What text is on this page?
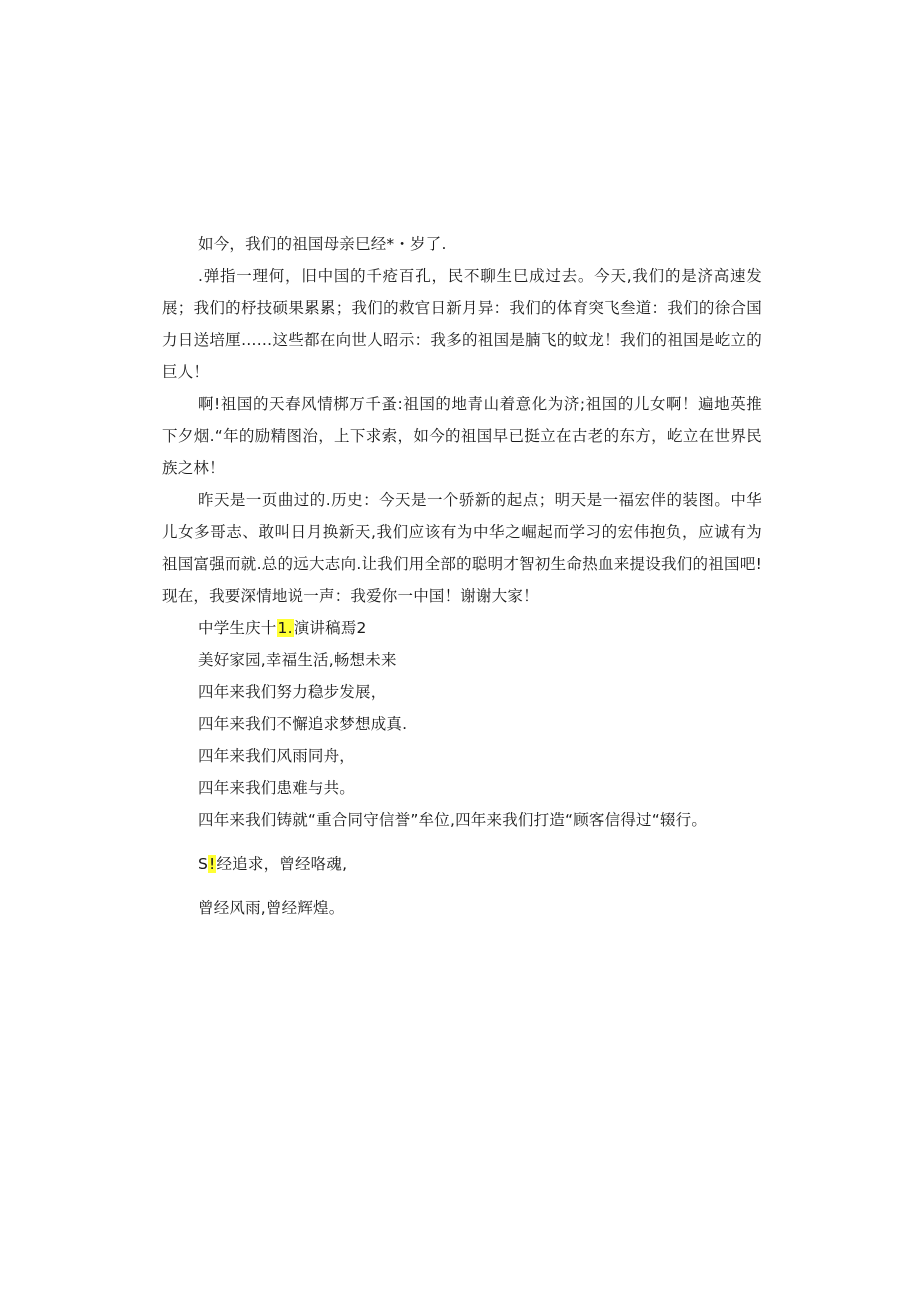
如今，我们的祖国母亲巳经*・岁了.

.弹指一理何，旧中国的千疮百孔，民不聊生巳成过去。今天,我们的是济高速发展；我们的杼技硕果累累；我们的救官日新月异：我们的体育突飞叁道：我们的徐合国力日送培厘……这些都在向世人昭示：我多的祖国是腩飞的蚊龙！我们的祖国是屹立的巨人！

啊!祖国的天春风情梆万千蚤:祖国的地青山着意化为济;祖国的儿女啊！遍地英推下夕烟.“年的励精图治，上下求索，如今的祖国早已挺立在古老的东方，屹立在世界民族之林！

昨天是一页曲过的.历史：今天是一个骄新的起点；明天是一福宏伴的装图。中华儿女多哥志、敢叫日月换新天,我们应该有为中华之崛起而学习的宏伟抱负，应诚有为祖国富强而就.总的远大志向.让我们用全部的聪明才智初生命热血来提设我们的祖国吧!现在，我要深情地说一声：我爱你一中国！谢谢大家！

中学生庆十1.演讲稿焉2

美好家园,幸福生活,畅想未来

四年来我们努力稳步发展，

四年来我们不懈追求梦想成真.

四年来我们风雨同舟，

四年来我们患难与共。

四年来我们铸就“重合同守信誉”牟位,四年来我们打造“顾客信得过“辍行。

S!经追求，曾经咯魂,

曾经风雨,曾经辉煌。
